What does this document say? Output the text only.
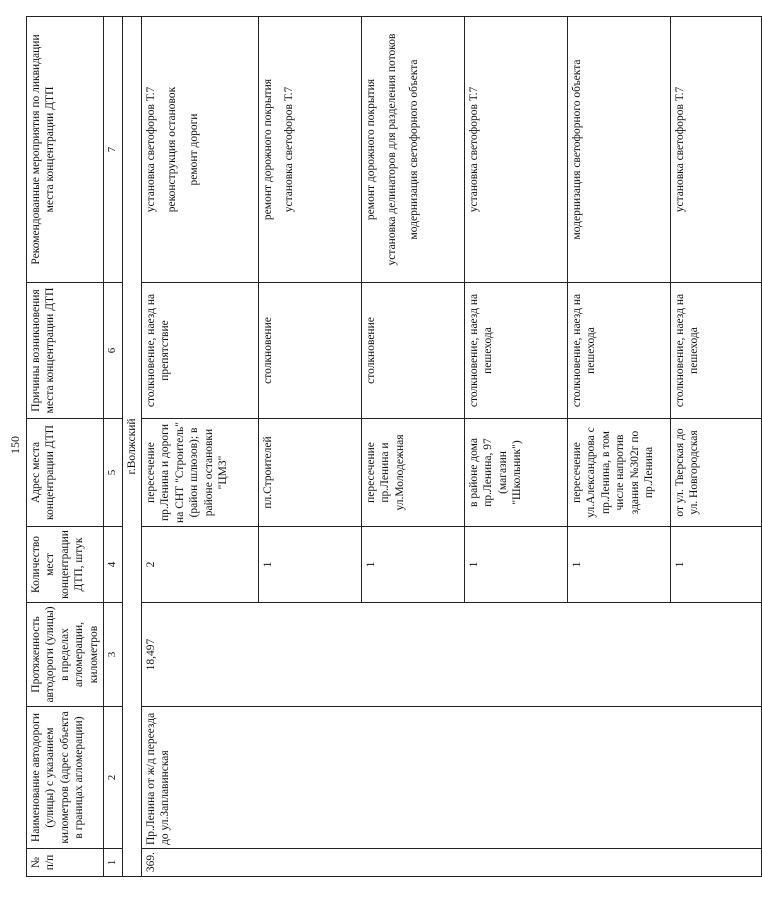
150
№ п/п	Наименование автодороги (улицы) с указанием километров (адрес объекта в границах агломерации)	Протяженность автодороги (улицы) в пределах агломерации, километров	Количество мест концентрации ДТП, штук	Адрес места концентрации ДТП	Причины возникновения места концентрации ДТП	Рекомендованные мероприятия по ликвидации места концентрации ДТП
1	2	3	4	5	6	7
г.Волжский						
369.	Пр.Ленина от ж/д переезда до ул.Заплавинская	18,497	2	пересечение пр.Ленина и дороги на СНТ "Строитель" (район шлюзов); в районе остановки "ЦМЗ"	столкновение, наезд на препятствие	установка светофоров Т.7 реконструкция остановок ремонт дороги

			1	пл.Строителей	столкновение	ремонт дорожного покрытия установка светофоров Т.7

			1	пересечение пр.Ленина и ул.Молодежная	столкновение	ремонт дорожного покрытия установка делинаторов для разделения потоков модернизация светофорного объекта

			1	в районе дома пр.Ленина, 97 (магазин "Школьник")	столкновение, наезд на пешехода	установка светофоров Т.7

			1	пересечение ул.Александрова с пр.Ленина, в том числе напротив здания №302г по пр.Ленина	столкновение, наезд на пешехода	модернизация светофорного объекта

			1	от ул. Тверская до ул. Новгородская	столкновение, наезд на пешехода	установка светофоров Т.7
